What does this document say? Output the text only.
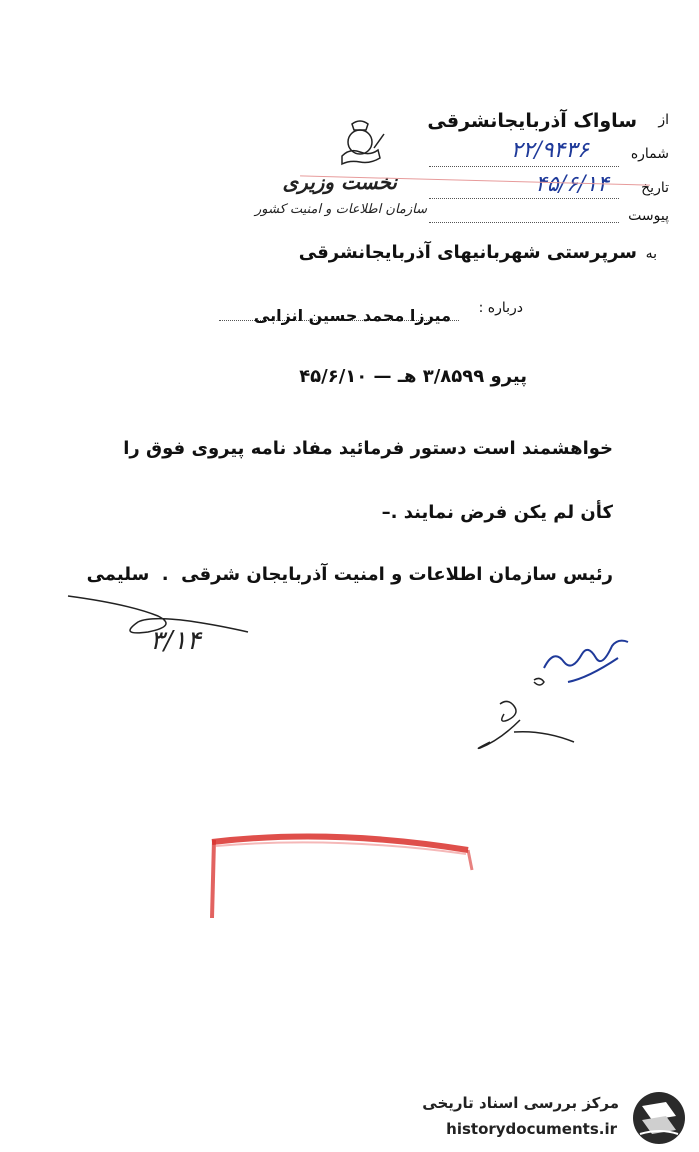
نخست وزیری
سازمان اطلاعات و امنیت کشور
از
ساواک آذربایجانشرقی
شماره
۲۲/۹۴۳۶
تاریخ
۴۵/۶/۱۴
پیوست
به
سرپرستی شهربانیهای آذربایجانشرقی
درباره :
میرزا محمد حسین انزابی
پیرو ۳/۸۵۹۹ هـ — ۴۵/۶/۱۰
خواهشمند است دستور فرمائید مفاد نامه پیروی فوق را
کأن لم یکن فرض نمایند .–
رئیس سازمان اطلاعات و امنیت آذربایجان شرقی  .  سلیمی
۳/۱۴
مرکز بررسی اسناد تاریخی
historydocuments.ir
